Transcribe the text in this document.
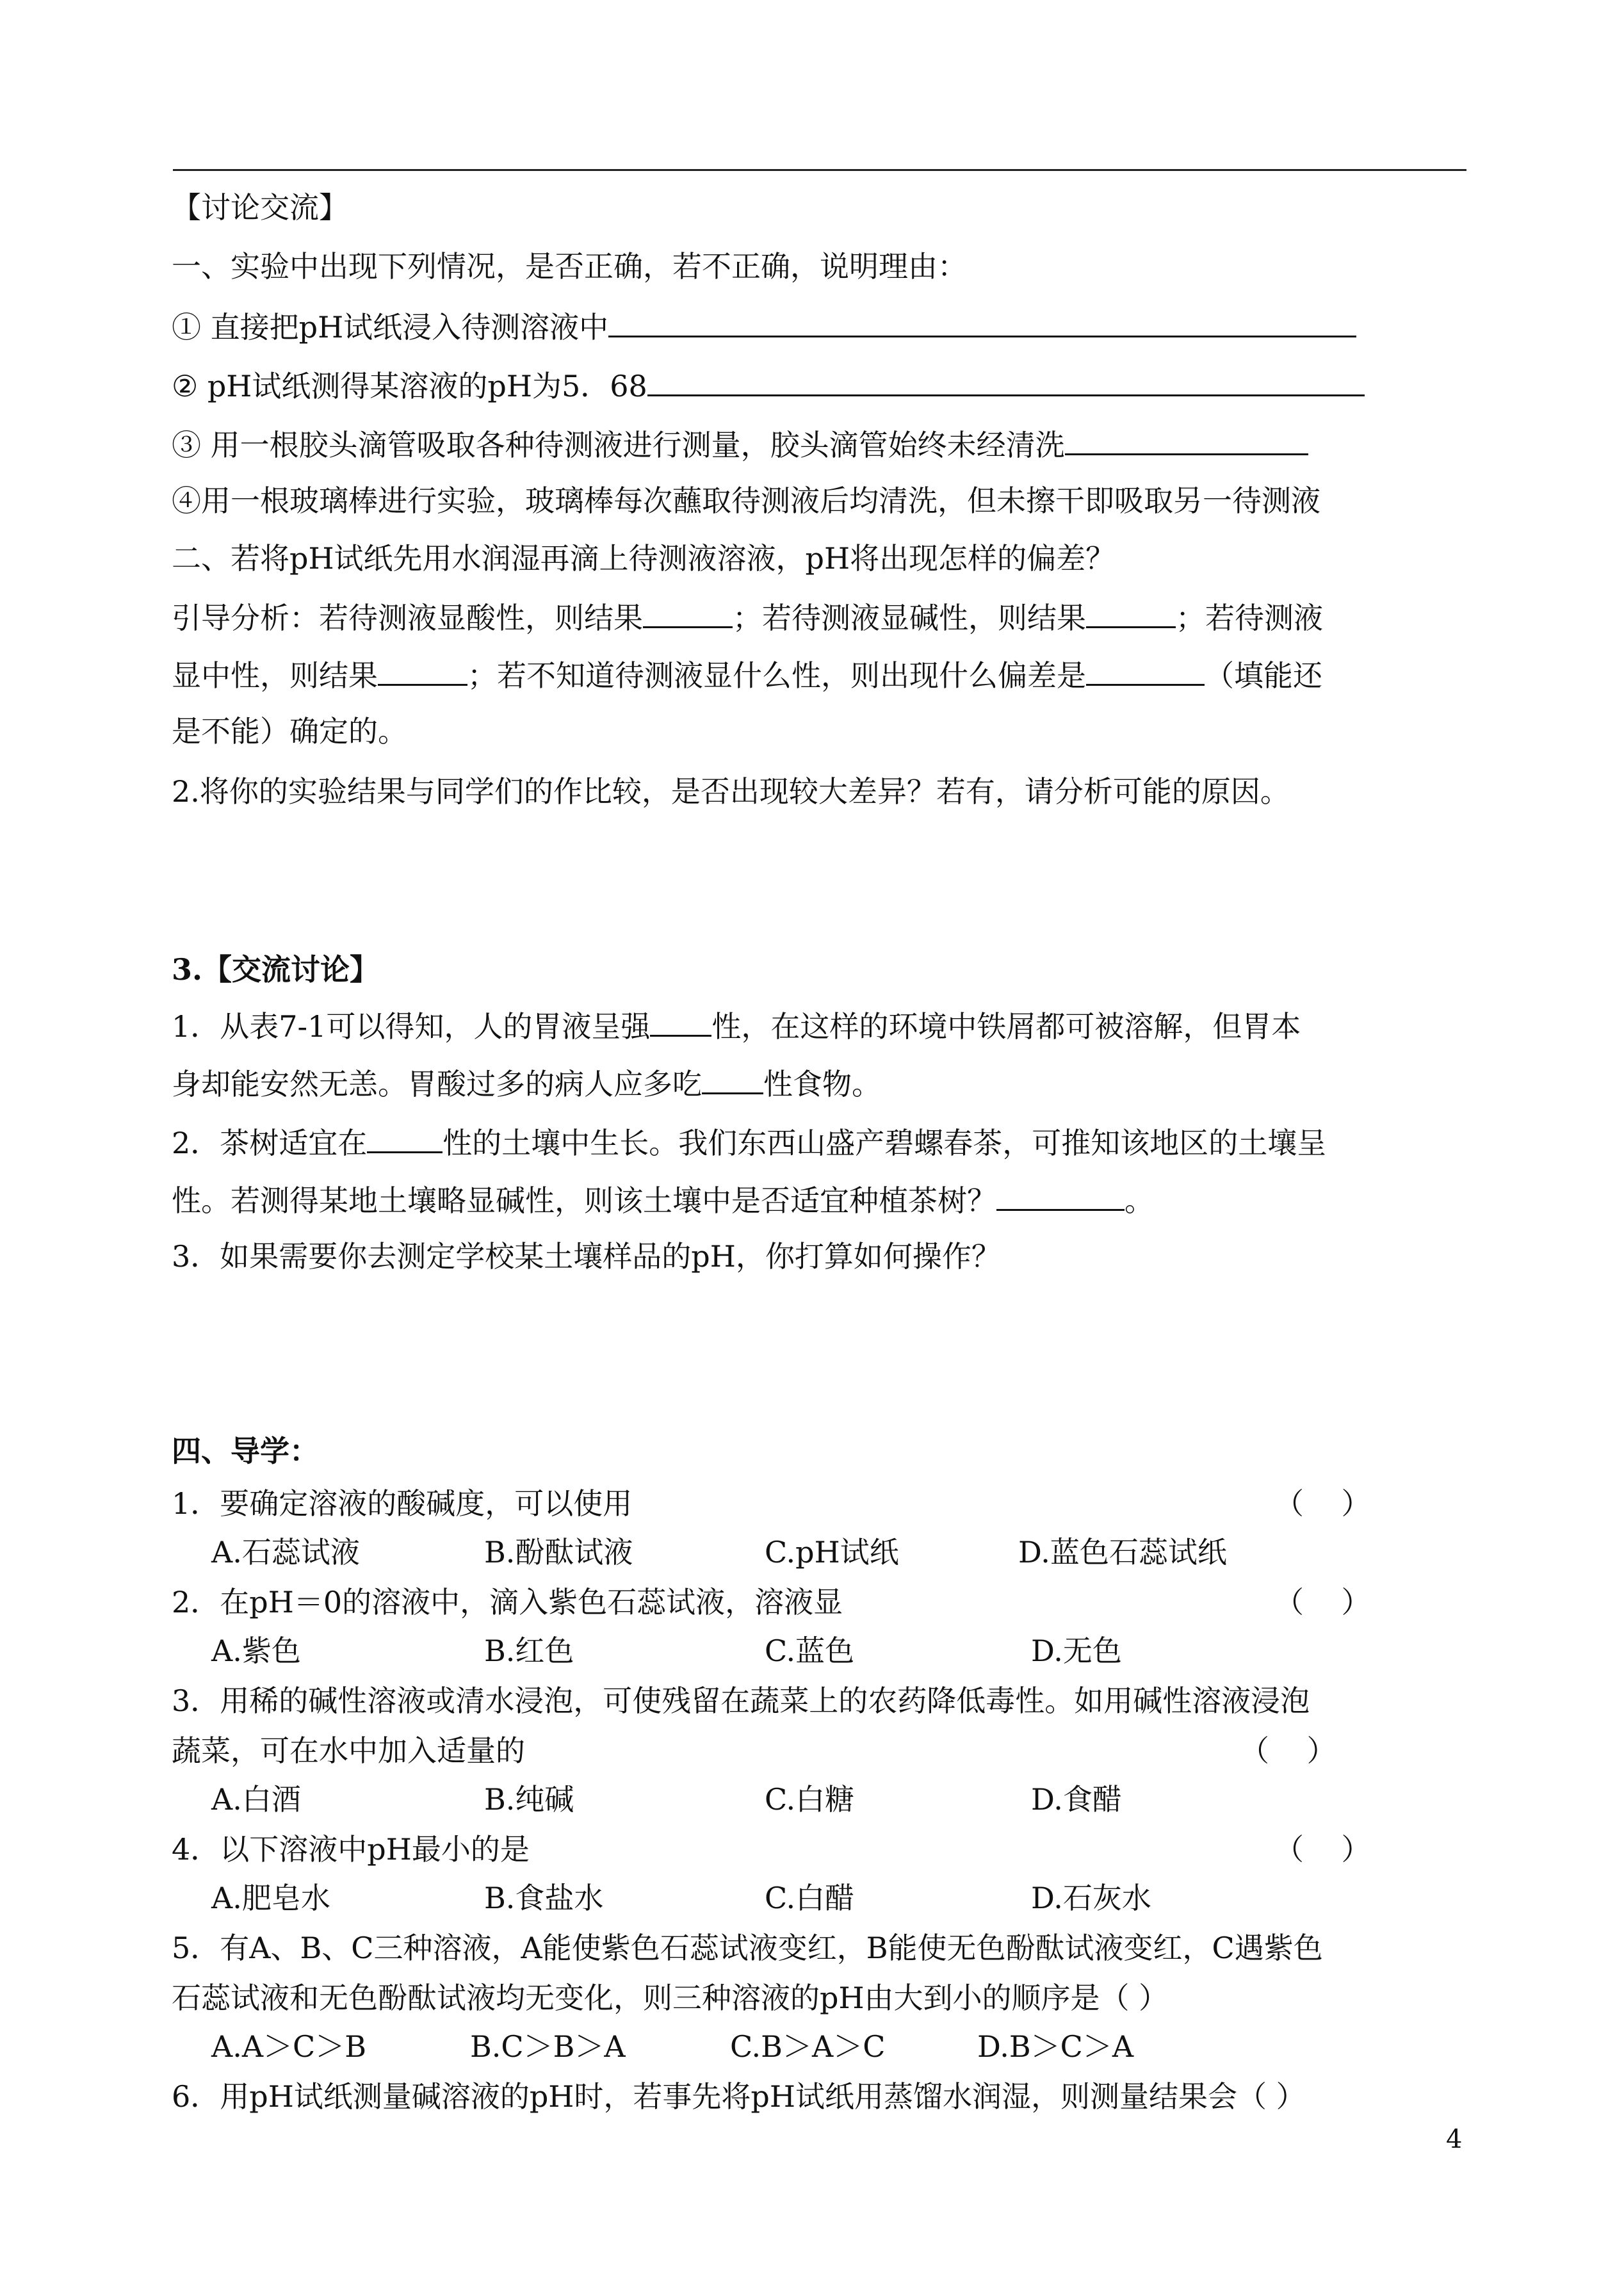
【讨论交流】
一、实验中出现下列情况，是否正确，若不正确，说明理由：
① 直接把pH试纸浸入待测溶液中
② pH试纸测得某溶液的pH为5．68
③ 用一根胶头滴管吸取各种待测液进行测量，胶头滴管始终未经清洗
④用一根玻璃棒进行实验，玻璃棒每次蘸取待测液后均清洗，但未擦干即吸取另一待测液
二、若将pH试纸先用水润湿再滴上待测液溶液，pH将出现怎样的偏差？
引导分析：若待测液显酸性，则结果	；若待测液显碱性，则结果	；若待测液
显中性，则结果	；若不知道待测液显什么性，则出现什么偏差是	（填能还
是不能）确定的。
2.将你的实验结果与同学们的作比较，是否出现较大差异？若有，请分析可能的原因。
3.【交流讨论】
1．从表7-1可以得知，人的胃液呈强 性，在这样的环境中铁屑都可被溶解，但胃本
身却能安然无恙。胃酸过多的病人应多吃 性食物。
2．茶树适宜在	性的土壤中生长。我们东西山盛产碧螺春茶，可推知该地区的土壤呈
性。若测得某地土壤略显碱性，则该土壤中是否适宜种植茶树？	。
3．如果需要你去测定学校某土壤样品的pH，你打算如何操作？
四、导学：
1．要确定溶液的酸碱度，可以使用	（    ）
A.石蕊试液	B.酚酞试液	C.pH试纸	D.蓝色石蕊试纸
2．在pH＝0的溶液中，滴入紫色石蕊试液，溶液显	（    ）
A.紫色	B.红色	C.蓝色	D.无色
3．用稀的碱性溶液或清水浸泡，可使残留在蔬菜上的农药降低毒性。如用碱性溶液浸泡
蔬菜，可在水中加入适量的	（    ）
A.白酒	B.纯碱	C.白糖	D.食醋
4．以下溶液中pH最小的是	（    ）
A.肥皂水	B.食盐水	C.白醋	D.石灰水
5．有A、B、C三种溶液，A能使紫色石蕊试液变红，B能使无色酚酞试液变红，C遇紫色
石蕊试液和无色酚酞试液均无变化，则三种溶液的pH由大到小的顺序是（ ）
A.A＞C＞B	B.C＞B＞A	C.B＞A＞C	D.B＞C＞A
6．用pH试纸测量碱溶液的pH时，若事先将pH试纸用蒸馏水润湿，则测量结果会（ ）
4
